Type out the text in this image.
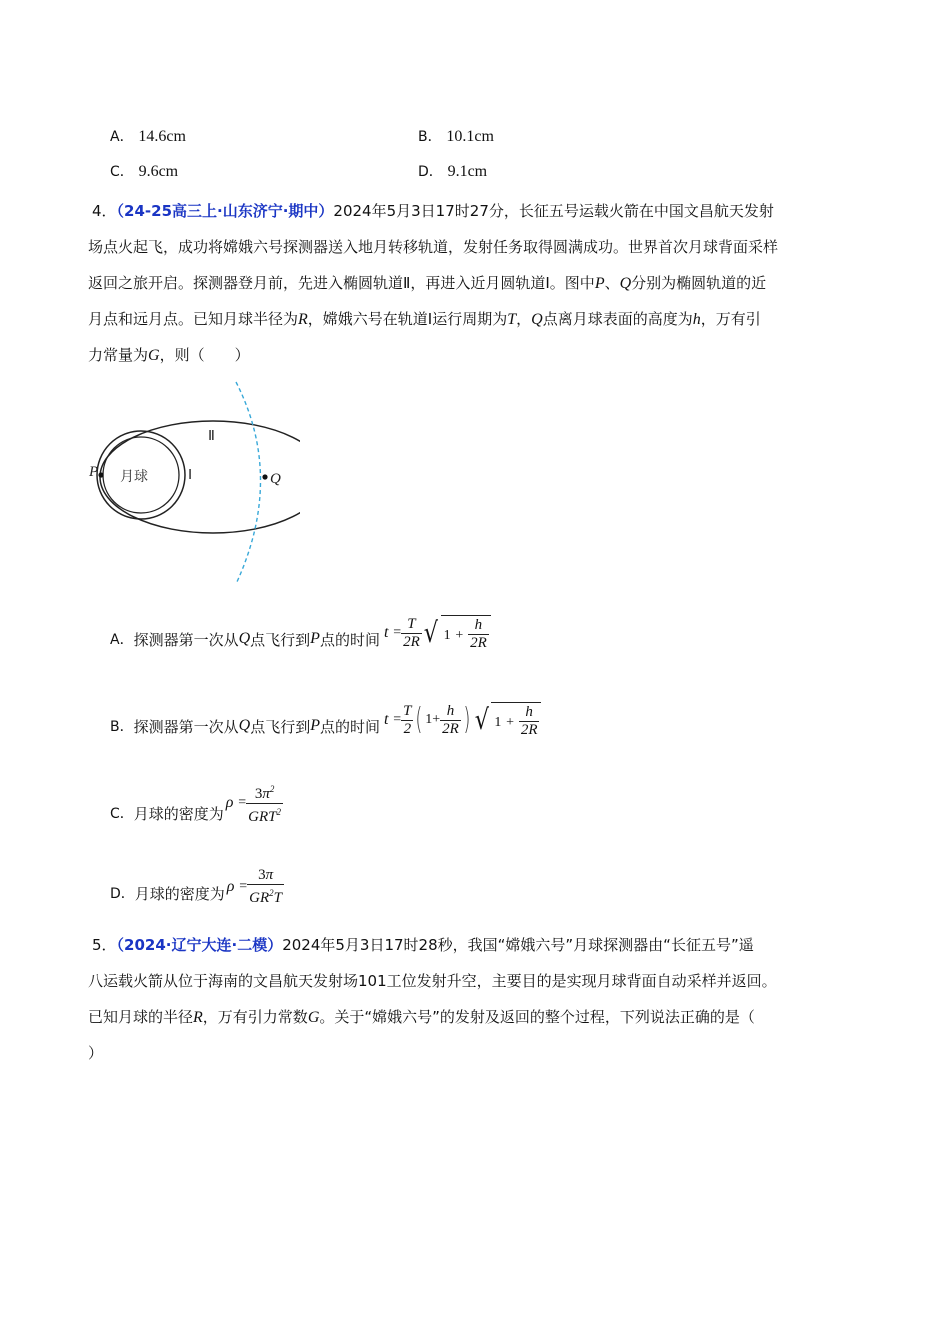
A． 14.6cm	B． 10.1cm
C． 9.6cm	D． 9.1cm
4．（24-25高三上·山东济宁·期中）2024年5月3日17时27分，长征五号运载火箭在中国文昌航天发射
场点火起飞，成功将嫦娥六号探测器送入地月转移轨道，发射任务取得圆满成功。世界首次月球背面采样
返回之旅开启。探测器登月前，先进入椭圆轨道Ⅱ，再进入近月圆轨道Ⅰ。图中P、Q分别为椭圆轨道的近
月点和远月点。已知月球半径为R，嫦娥六号在轨道Ⅰ运行周期为T，Q点离月球表面的高度为h，万有引
力常量为G，则（　　）
月球
Ⅱ
Ⅰ
P	Q
A． 探测器第一次从 Q 点飞行到 P 点的时间 t
= $\frac{T}{2R}$ √ $1 + \frac{h}{2R}$
B． 探测器第一次从 Q 点飞行到 P 点的时间 t
= $\frac{T}{2}$ ( $1 + \frac{h}{2R}$ ) √ $1 + \frac{h}{2R}$
C． 月球的密度为
ρ
= $\frac{3\pi^2}{GRT^2}$
D． 月球的密度为 ρ
= $\frac{3\pi}{GR^2T}$
5．（2024·辽宁大连·二模）2024年5月3日17时28秒，我国“嫦娥六号”月球探测器由“长征五号”遥
八运载火箭从位于海南的文昌航天发射场101工位发射升空，主要目的是实现月球背面自动采样并返回。
已知月球的半径R，万有引力常数G。关于“嫦娥六号”的发射及返回的整个过程，下列说法正确的是（
）
